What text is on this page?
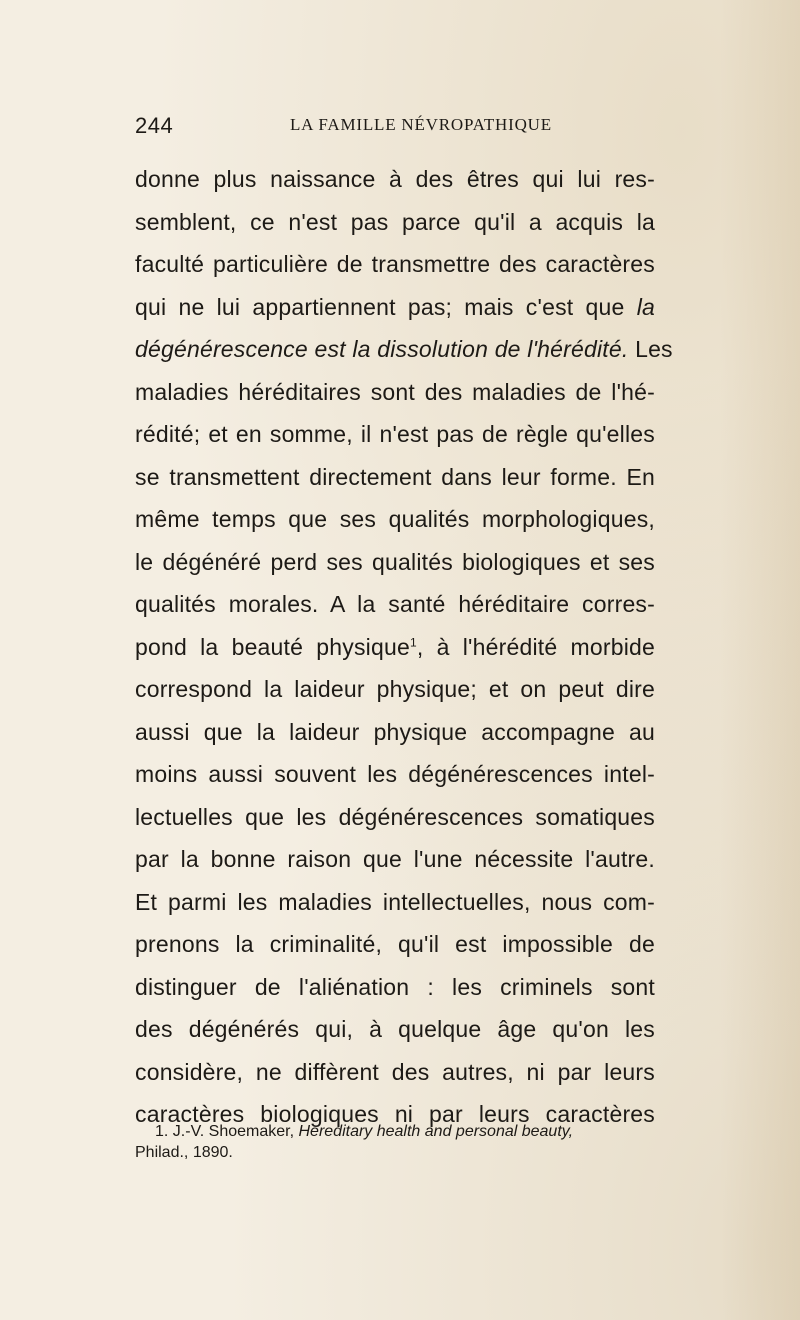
244	LA FAMILLE NÉVROPATHIQUE
donne plus naissance à des êtres qui lui res-
semblent, ce n'est pas parce qu'il a acquis la
faculté particulière de transmettre des caractères
qui ne lui appartiennent pas; mais c'est que la
dégénérescence est la dissolution de l'hérédité. Les
maladies héréditaires sont des maladies de l'hé-
rédité; et en somme, il n'est pas de règle qu'elles
se transmettent directement dans leur forme. En
même temps que ses qualités morphologiques,
le dégénéré perd ses qualités biologiques et ses
qualités morales. A la santé héréditaire corres-
pond la beauté physique$^1$, à l'hérédité morbide
correspond la laideur physique; et on peut dire
aussi que la laideur physique accompagne au
moins aussi souvent les dégénérescences intel-
lectuelles que les dégénérescences somatiques
par la bonne raison que l'une nécessite l'autre.
Et parmi les maladies intellectuelles, nous com-
prenons la criminalité, qu'il est impossible de
distinguer de l'aliénation : les criminels sont
des dégénérés qui, à quelque âge qu'on les
considère, ne diffèrent des autres, ni par leurs
caractères biologiques ni par leurs caractères
1. J.-V. Shoemaker, Hereditary health and personal beauty,
Philad., 1890.
